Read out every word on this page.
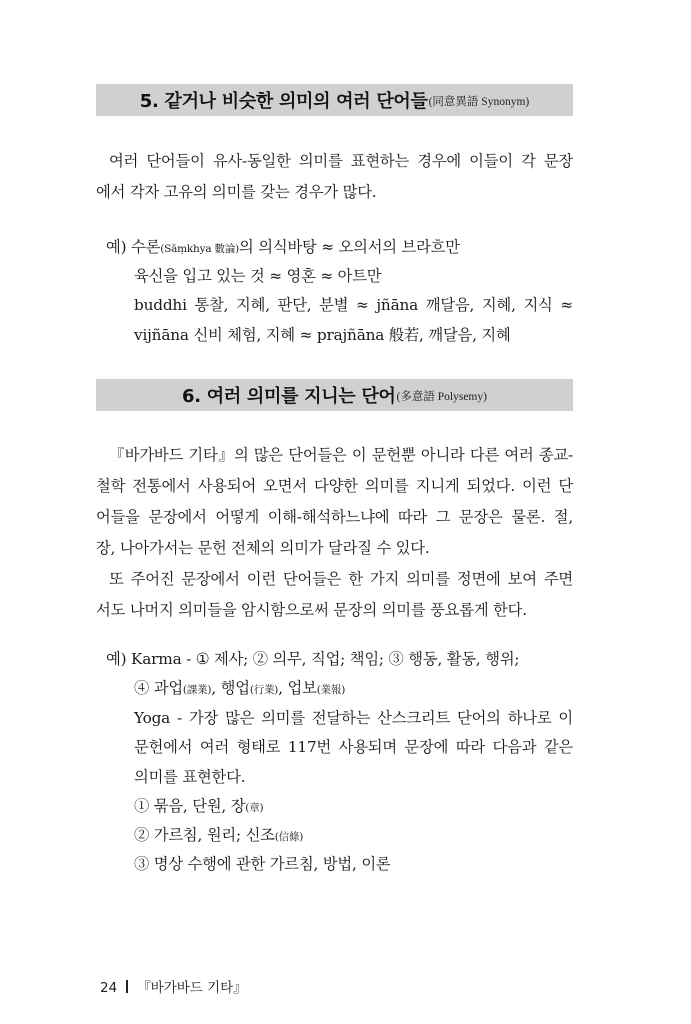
5. 같거나 비슷한 의미의 여러 단어들 (同意異語 Synonym)
여러 단어들이 유사-동일한 의미를 표현하는 경우에 이들이 각 문장
에서 각자 고유의 의미를 갖는 경우가 많다.
예) 수론(Sāṃkhya 數論)의 의식바탕 ≈ 오의서의 브라흐만
육신을 입고 있는 것 ≈ 영혼 ≈ 아트만
buddhi 통찰, 지혜, 판단, 분별 ≈ jñāna 깨달음, 지혜, 지식 ≈
vijñāna 신비 체험, 지혜 ≈ prajñāna 般若, 깨달음, 지혜
6. 여러 의미를 지니는 단어 (多意語 Polysemy)
『바가바드 기타』의 많은 단어들은 이 문헌뿐 아니라 다른 여러 종교-
철학 전통에서 사용되어 오면서 다양한 의미를 지니게 되었다. 이런 단
어들을 문장에서 어떻게 이해-해석하느냐에 따라 그 문장은 물론. 절,
장, 나아가서는 문헌 전체의 의미가 달라질 수 있다.
또 주어진 문장에서 이런 단어들은 한 가지 의미를 정면에 보여 주면
서도 나머지 의미들을 암시함으로써 문장의 의미를 풍요롭게 한다.
예) Karma - ① 제사; ② 의무, 직업; 책임; ③ 행동, 활동, 행위;
④ 과업(課業), 행업(行業), 업보(業報)
Yoga - 가장 많은 의미를 전달하는 산스크리트 단어의 하나로 이
문헌에서 여러 형태로 117번 사용되며 문장에 따라 다음과 같은
의미를 표현한다.
① 묶음, 단원, 장(章)
② 가르침, 원리; 신조(信條)
③ 명상 수행에 관한 가르침, 방법, 이론
24 『바가바드 기타』
